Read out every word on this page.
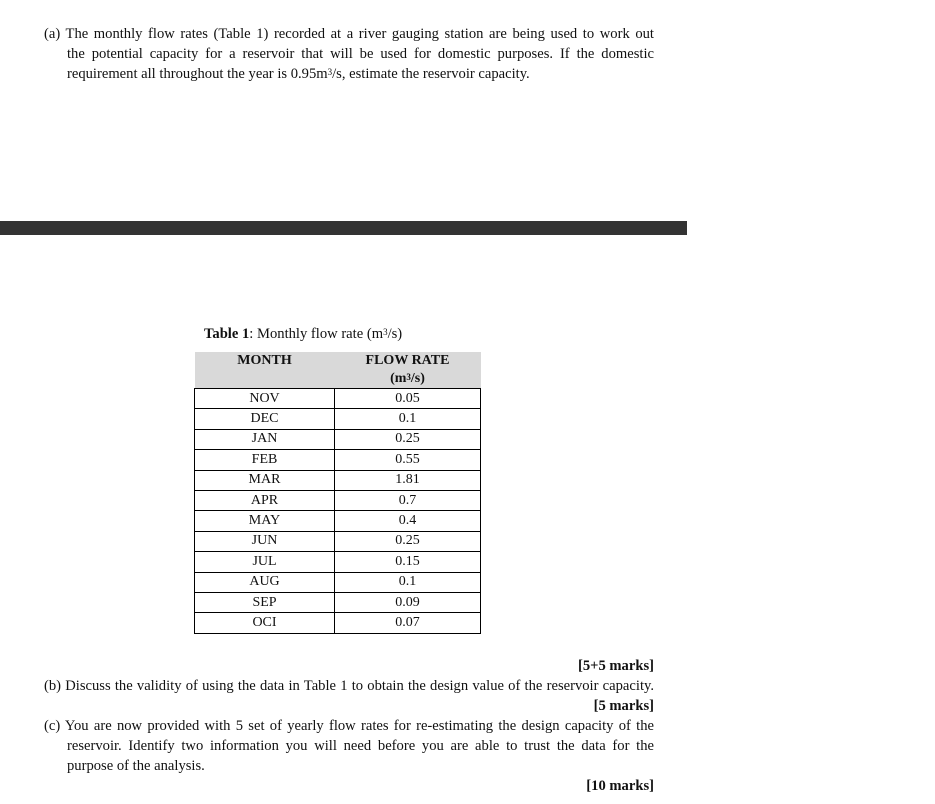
(a) The monthly flow rates (Table 1) recorded at a river gauging station are being used to work out
the potential capacity for a reservoir that will be used for domestic purposes. If the domestic
requirement all throughout the year is $0.95m^3/s$, estimate the reservoir capacity.
Table 1: Monthly flow rate $(m^3/s)$
MONTH	FLOW RATE
$(m^3/s)$
NOV	0.05
DEC	0.1
JAN	0.25
FEB	0.55
MAR	1.81
APR	0.7
MAY	0.4
JUN	0.25
JUL	0.15
AUG	0.1
SEP	0.09
OCI	0.07
[5+5 marks]
(b) Discuss the validity of using the data in Table 1 to obtain the design value of the reservoir capacity.
[5 marks]
(c) You are now provided with 5 set of yearly flow rates for re-estimating the design capacity of the
reservoir. Identify two information you will need before you are able to trust the data for the
purpose of the analysis.
[10 marks]
